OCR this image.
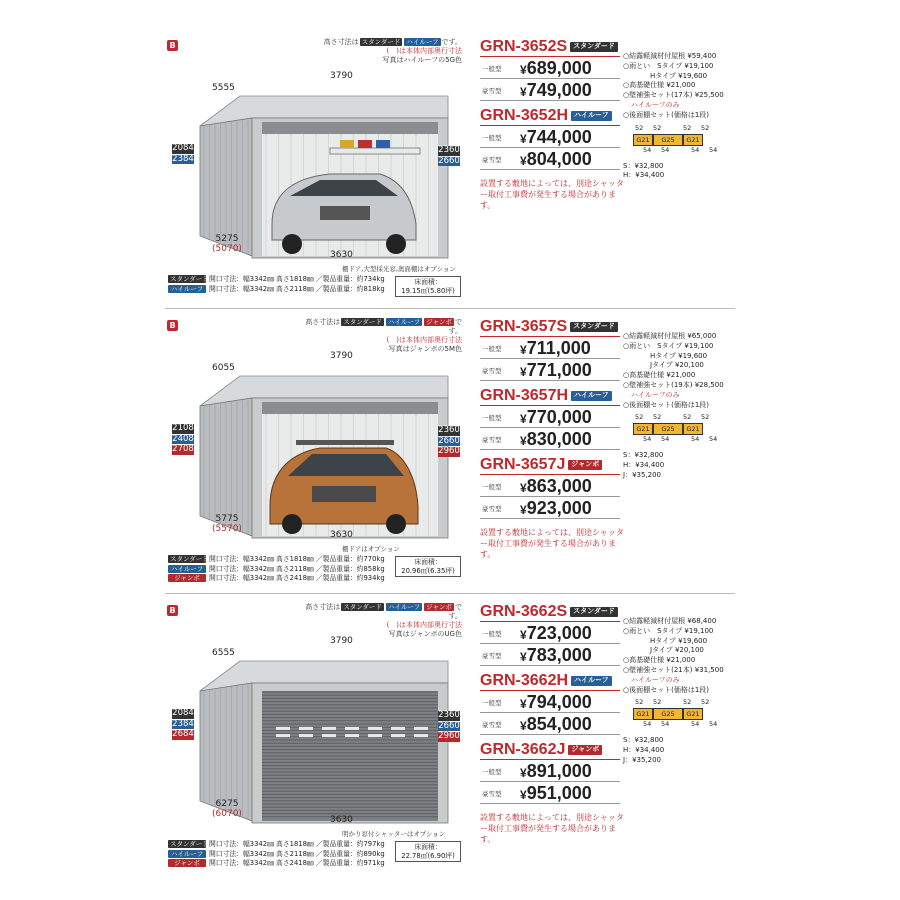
B	高さ寸法は スタンダード ハイルーフ です。
(　)は本体内部奥行寸法
写真はハイルーフの5G色
5555
3790
2084
2384
2360
2660
5275
(5070)
3630
棚ドア,大型採光窓,奥面棚はオプション
スタンダード開口寸法：幅3342㎜ 高さ1818㎜ ／製品重量：約734kg
ハイルーフ 開口寸法：幅3342㎜ 高さ2118㎜ ／製品重量：約818kg
床面積：
19.15㎡(5.80坪)
GRN-3652S スタンダード
一般型 ¥689,000
豪雪型 ¥749,000
GRN-3652H ハイルーフ
一般型 ¥744,000
豪雪型 ¥804,000
設置する敷地によっては、別途シャッター取付工事費が発生する場合があります。
○結露軽減材付屋根 ¥59,400
○雨とい　Sタイプ ¥19,100
Hタイプ ¥19,600
○高基礎仕様 ¥21,000
○壁補強セット(17本) ¥25,500
ハイルーフのみ
○後面棚セット(価格は1段)
52 52	52 52
G21	G25	G21
54 54	54 54
S：¥32,800
H：¥34,400
B	高さ寸法は スタンダード ハイルーフ ジャンボ です。
(　)は本体内部奥行寸法
写真はジャンボの5M色
6055
3790
2108
2408
2708
2360
2660
2960
5775
(5570)
3630
棚ドアはオプション
スタンダード開口寸法：幅3342㎜ 高さ1818㎜ ／製品重量：約770kg
ハイルーフ 開口寸法：幅3342㎜ 高さ2118㎜ ／製品重量：約858kg
ジャンボ 開口寸法：幅3342㎜ 高さ2418㎜ ／製品重量：約934kg
床面積：
20.96㎡(6.35坪)
GRN-3657S スタンダード
一般型 ¥711,000
豪雪型 ¥771,000
GRN-3657H ハイルーフ
一般型 ¥770,000
豪雪型 ¥830,000
GRN-3657J ジャンボ
一般型 ¥863,000
豪雪型 ¥923,000
設置する敷地によっては、別途シャッター取付工事費が発生する場合があります。
○結露軽減材付屋根 ¥65,000
○雨とい　Sタイプ ¥19,100
Hタイプ ¥19,600
Jタイプ ¥20,100
○高基礎仕様 ¥21,000
○壁補強セット(19本) ¥28,500
ハイルーフのみ
○後面棚セット(価格は1段)
52 52	52 52
G21	G25	G21
54 54	54 54
S：¥32,800
H：¥34,400
J：¥35,200
B	高さ寸法は スタンダード ハイルーフ ジャンボ です。
(　)は本体内部奥行寸法
写真はジャンボのUG色
6555
3790
2084
2384
2684
2360
2660
2960
6275
(6070)
3630
明かり窓付シャッターはオプション
スタンダード開口寸法：幅3342㎜ 高さ1818㎜ ／製品重量：約797kg
ハイルーフ 開口寸法：幅3342㎜ 高さ2118㎜ ／製品重量：約890kg
ジャンボ 開口寸法：幅3342㎜ 高さ2418㎜ ／製品重量：約971kg
床面積：
22.78㎡(6.90坪)
GRN-3662S スタンダード
一般型 ¥723,000
豪雪型 ¥783,000
GRN-3662H ハイルーフ
一般型 ¥794,000
豪雪型 ¥854,000
GRN-3662J ジャンボ
一般型 ¥891,000
豪雪型 ¥951,000
設置する敷地によっては、別途シャッター取付工事費が発生する場合があります。
○結露軽減材付屋根 ¥68,400
○雨とい　Sタイプ ¥19,100
Hタイプ ¥19,600
Jタイプ ¥20,100
○高基礎仕様 ¥21,000
○壁補強セット(21本) ¥31,500
ハイルーフのみ
○後面棚セット(価格は1段)
52 52	52 52
G21	G25	G21
54 54	54 54
S：¥32,800
H：¥34,400
J：¥35,200
